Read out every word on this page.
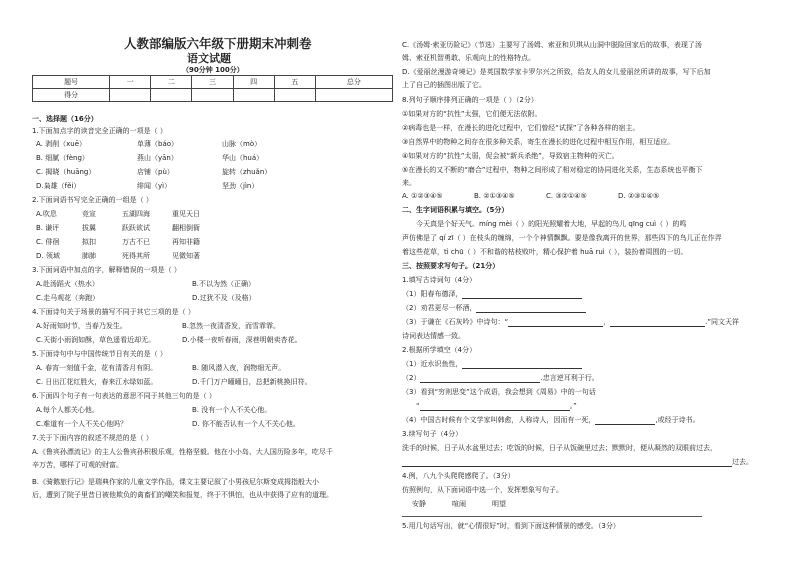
人教部编版六年级下册期末冲刺卷
语文试题
（90分钟 100分）
题号	一	二	三	四	五	总分
得分						
一、选择题（16分）
1.下面加点字的读音完全正确的一项是（ ）
A. 剥削（xuē）	单薄（báo）	山脉（mò）
B. 细腻（fèng）	燕山（yān）	华山（huá）
C. 揭晓（huāng）	店铺（pù）	旋转（zhuǎn）
D.枭雄（fěi）	绯闻（yì）	坚劲（jìn）
2.下面词语书写完全正确的一组是（ ）
A.吹息	竞宣	五湖四海	重见天日
B. 谦评	拔翼	跃跃欲试	翻相倒衙
C. 俳徊	拟扣	万古不已	再知非籍
D. 领域	肺肺	死得其所	见微知著
3.下面词语中加点的字，解释错误的一项是（ ）
A.赴汤蹈火（热水）	B.不以为然（正确）
C.走马观花（奔跑）	D.过犹不及（及格）
4.下面诗句关于场景的描写不同于其它三项的是（ ）
A.好雨知时节，当春乃发生。	B.忽然一夜清香发，而雪霏霏。
C.天街小雨润如酥，草色遥看近却无。	D.小楼一夜听春雨，深巷明朝卖杏花。
5.下面诗句中与中国传统节日有关的是（ ）
A. 春宵一刻值千金，花有清香月有阴。	B. 随风潜入夜，润物细无声。
C. 日出江花红胜火，春来江水绿如蓝。	D.千门万户曈曈日，总把新桃换旧符。
6.下面四个句子有一句表达的意思不同于其他三句的是（ ）
A.每个人都关心他。	B. 没有一个人不关心他。
C.难道有一个人不关心他吗？	D. 你不能否认有一个人不关心他。
7.关于下面内容的叙述不规范的是（ ）
A.《鲁宾孙漂流记》的主人公鲁宾孙积极乐观，性格坚毅。他在小小岛、大人国历险多年，吃尽千
辛万苦，哪样了可观的财富。
B.《骑鹅旅行记》是瑞典作家的儿童文学作品，课文主要记叙了小男孩尼尔斯变成拇指般大小
后，遭到了院子里昔日被他欺负的禽畜们的嘲笑和报复，终于不惧怕，也从中获得了应有的道理。
C.《汤姆·索亚历险记》（节选）主要写了汤姆、索亚和贝琪从山洞中脱险回家后的故事，表现了汤
姆、索亚机智勇敢、乐观向上的性格特点。
D.《爱丽丝漫游奇境记》是英国数学家卡罗尔兴之所致，给友人的女儿爱丽丝所讲的故事，写下后加
上了自己的插图出版了它。
8.列句子顺序排列正确的一项是（ ）（2分）
①如果对方的“抗性”太强，它们便无法依附。
②病毒也是一样，在漫长的进化过程中，它们曾经“试探”了各种各样的宿主。
③自然界中的物种之间存在很多种关系，寄生在漫长的进化过程中相互作用，相互适应。
④如果对方的“抗性”太弱，促会被“新兵杀绝”，导致宿主物种的灭亡。
⑤在漫长的又不断的“磨合”过程中，物种之间形成了相对稳定的协同进化关系，生态系统也平衡下
来。
A. ①②③④⑤	B. ②①③④⑤	C. ③②①④⑤	D. ②③①④⑤
二、生字词语积累与填空。（5分）
今天真是个好天气。míng mèi（ ）的阳光照耀着大地，早起的鸟儿 qīng cuì（ ）的鸣
声仿佛是了 qí zī（ ）在枝头的缠绵，一个个神情飘飘。要是像我离开的世界，那些四下的鸟儿正在作弄
着这些花草，tì chū（ ）不和谐的枯枝败叶，精心保护着 huā ruì（ ），装扮着周围的一切。
三、按照要求写句子。（21分）
1.填写古诗词句（4分）
（1）阳春布德泽，
（2）劝君更尽一杯酒，
（3）于谦在《石灰吟》中诗句：“	，	.”同文天祥
诗词表达情感一致。
2.根据所学填空（4分）
（1）近水识鱼性，
（2）	.忠言逆耳利于行。
（3）看到“穷则思变”这个成语，我会想到《周易》中的一句话
“	。”
（4）中国古时候有个文学家叫韩愈，人称诗人，因而有一死，	,或经于诗书。
3.续写句子（4分）
洗手的时候，日子从水盆里过去；吃饭的时候，日子从饭碗里过去；默默时，便从凝然的双眼前过去，
过去。
4.例，八九个头爬爬感爬了。（3分）
仿照例句，从下面词语中选一个，发挥想象写句子。
安静	喧闹	明望
5.用几句话写出，就“心情很好”时，看到下面这种情景的感受。（3分）
